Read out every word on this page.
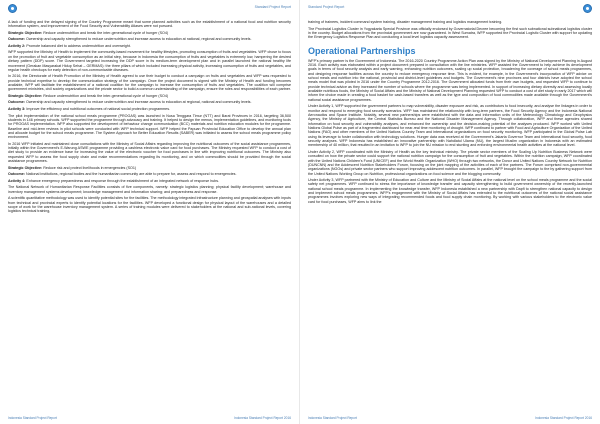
Standard Project Report

A lack of funding and the delayed signing of the Country Programme meant that some planned activities such as the establishment of a national food and nutrition security information system, and improvement of the Food Security and Vulnerability Atlases were not pursued.

Strategic Objective: Reduce undernutrition and break the inter-generational cycle of hunger (SO4)

Outcome: Ownership and capacity strengthened to reduce undernutrition and increase access to education at national, regional and community levels.

Activity 2: Promote balanced diet to address undernutrition and overweight.

WFP supported the Ministry of Health to implement the community-based movement for healthy lifestyles, promoting consumption of fruits and vegetables. WFP chose to focus on the promotion of fruit and vegetable consumption as an initial step, because in Indonesia the consumption of fruits and vegetables is extremely low, hampering the desired dietary pattern (DDP) score. The Government targeted increasing the DDP score in its medium-term development plan and in parallel launched the national healthy life movement (Gerakan Masyarakat Hidup Sehat – GERMAS): the three pillars of which included increasing physical activity, increasing consumption of fruits and vegetables, and regular health checkups for early detection of non-communicable diseases.

In 2016, the Directorate of Health Promotion of the Ministry of Health agreed to use their budget to conduct a campaign on fruits and vegetables and WFP was requested to provide technical expertise to develop the communication strategy of the campaign. Once the project document is signed with the Ministry of Health and funding becomes available, WFP will facilitate the establishment of a national coalition for the campaign to increase the consumption of fruits and vegetables. The coalition will comprise government ministries, civil society organizations and the private sector to build a common understanding of the campaign, ensure the roles and responsibilities of each partner.

Strategic Objective: Reduce undernutrition and break the inter-generational cycle of hunger (SO4)

Outcome: Ownership and capacity strengthened to reduce undernutrition and increase access to education at regional, national and community levels.

Activity 3: Improve the efficiency and nutritional outcomes of national social protection programmes.

The pilot implementation of the national school meals programme (PROGAS) was launched in Nusa Tenggara Timur (NTT) and Barat Provinces in 2016, targeting 36,500 students in 146 primary schools. WFP supported the programme through advocacy and training. It helped to design the menus, implementation guidelines, and monitoring tools for PROGAS implementation. WFP also supported the development of behaviour change communication (BCC) materials and nutrition education modules for the programme. Baseline and mid-term reviews in pilot schools were conducted with WFP technical support. WFP helped the Papuan Provincial Education Office to develop the annual plan and allocate budget for the school meals programme. The System Approach for Better Education Results (SABER) was initiated to assess the school meals programme policy environment.

In 2016 WFP initiated and maintained close consultations with the Ministry of Social Affairs regarding improving the nutritional outcomes of the social assistance programmes, initially within the Government's E-Warung ASWE programme providing a cashless electronic value card for food purchases. The Ministry requested WFP to conduct a cost of diet study to provide an evidence base for increasing the value of the electronic voucher for food purchases in line with improving nutritional outcomes. The Ministry also requested WFP to assess the food supply chain and make recommendations regarding its monitoring, and on which commodities should be provided through the social assistance programmes.

Strategic Objective: Reduce risk and protect livelihoods in emergencies (SO1)

Outcome: National institutions, regional bodies and the humanitarian community are able to prepare for, assess and respond to emergencies.

Activity 4: Enhance emergency preparedness and response through the establishment of an integrated network of response hubs.

The National Network of Humanitarian Response Facilities consists of five components, namely: strategic logistics planning; physical facility development; warehouse and inventory management systems development; knowledge management and information sharing; and preparedness and response.

A scientific quantitative methodology was used to identify potential sites for the facilities. The methodology integrated infrastructure planning and geospatial analyses with inputs from technical and provincial experts to identify potential locations for the facilities. WFP developed a functional design for physical layout of the warehouses and a detailed scope of work for the warehouse inventory management system. A series of training modules were delivered to stakeholders at the national and sub-national levels, covering logistics technical training,

Indonesia Standard Project Report	Indonesia Standard Project Report 2016
Standard Project Report

training of trainees, incident command system training, disaster management training and logistics management training.

The Provincial Logistics Cluster in Yogyakarta Special Province was officially endorsed by Governatorial Decree becoming the first such subnational subnational logistics cluster in the country. Budget allocations from the provincial government are now guaranteed. In West Sumatra, WFP supported the Provincial Logistic Cluster with support for updating the Emergency Logistics Response Plan and conducting a local level logistics capacity assessment.

Operational Partnerships

WFP's primary partner is the Government of Indonesia. The 2016-2020 Country Programme Action Plan was signed by the Ministry of National Development Planning in August 2016. Each activity was elaborated within a project document prepared in consultation with the line ministries. WFP assisted the Government to help achieve its development goals in terms of food security analysis and early warning, enhancing nutrition outcomes, scaling up social protection, broadening the coverage of school meals programmes, and designing response facilities across the country to reduce emergency response time. This is evident, for example, in the Government's incorporation of WFP advice on school meals and nutrition into the national, provincial and district-level guidelines and budgets. The Government's nine provinces and four districts have adopted the school meals model that was piloted in 2016 under the Country Programme 2012-2016. The Government allocated funds from their own budgets, and requested WFP to continue to provide technical advice as they increased the number of schools where the programme was being implemented. In support of increasing dietary diversity and assessing locally available nutritious foods, the Ministry of Social Affairs and the Ministry of National Development Planning requested WFP to conduct a cost of diet study in early 2017 which will inform the choice made in creating a food basket for cash-based transfers as well as the type and composition of food commodities made available through the Government's national social assistance programmes.

Under Activity 1, WFP supported the government partners to map vulnerability, disaster exposure and risk, as contributors to food insecurity, and analyse the linkages in order to monitor and respond to emerging food security scenarios. WFP has maintained the relationship with long-term partners, the Food Security Agency and the Indonesia National Aeronautics and Space Institute. Notably, several new partnerships were established with the data and information units of the Meteorology Climatology and Geophysics Agency, the Ministry of Agriculture, the Central Statistics Bureau and the National Disaster Management Agency. Through collaboration, WFP and these agencies shared information on food security and vulnerability analyses, and enhanced the ownership and the decision-making potential of the analyses produced. WFP worked with United Nations Global Pulse as part of a fragmented dashboard for near-real time monitoring of drought. WFP continued to partner with Food and Agriculture Organization of the United Nations (FAO) and other members of the United Nations Country Team and international organizations on food security monitoring. WFP participated in the Global Pulse Lab using its leverage to foster collaboration with technology solutions. Hunger data was received at the Government's Jakarta Governor Team and international food security, food security analyses. WFP Indonesia has established an innovative partnership with Nahdlatul Ulama (NU), the largest Muslim organization in Indonesia with an estimated membership of 40 million, that resulted in an invitation to WFP to join the NU mission to end stunting and enforcing environmental health activities at the national level.

Under Activity 2, WFP coordinated with the Ministry of Health as the key technical ministry. The private sector members of the Scaling Up Nutrition Business Network were consulted on how the private sector could support the national nutrition campaign for the consumption of fruit and vegetables. Within the nutrition campaign, WFP coordinated with the United Nations Children's Fund (UNICEF) and the World Health Organization (WHO) through two networks, the Donor and United Nations Country Network for Nutrition (DUNCNN) and the Adolescent Nutrition Stakeholders Forum, focusing on the joint mapping of the activities of each of the partners. The Forum comprised non-governmental organizations (NGOs) and private sector partners who support improving adolescent nutrition outcomes. In parallel, WFP brought the campaign to the by gathering support from the United Nations Working Group on Nutrition, professional organizations on food science and the blogging community.

Under Activity 3, WFP partnered with the Ministry of Education and Culture and the Ministry of Social Affairs at the national level on the school meals programme and the social safety net programmes. WFP continued to stress the importance of knowledge transfer and capacity strengthening to build government ownership of the recently-launched national school meals programme. In implementing the knowledge transfer, WFP Indonesia established a new partnership with Dapfi to strengthen national capacity to design and implement school meals programmes. WFP's engagement with the Ministry of Social Affairs has extended to the nutritional outcomes of the national social assistance programmes involves exploring new ways of integrating recommended foods and food supply chain monitoring. By working with various stakeholders to the electronic value card for food purchases, WFP aims to link the

Indonesia Standard Project Report	Indonesia Standard Project Report 2016
